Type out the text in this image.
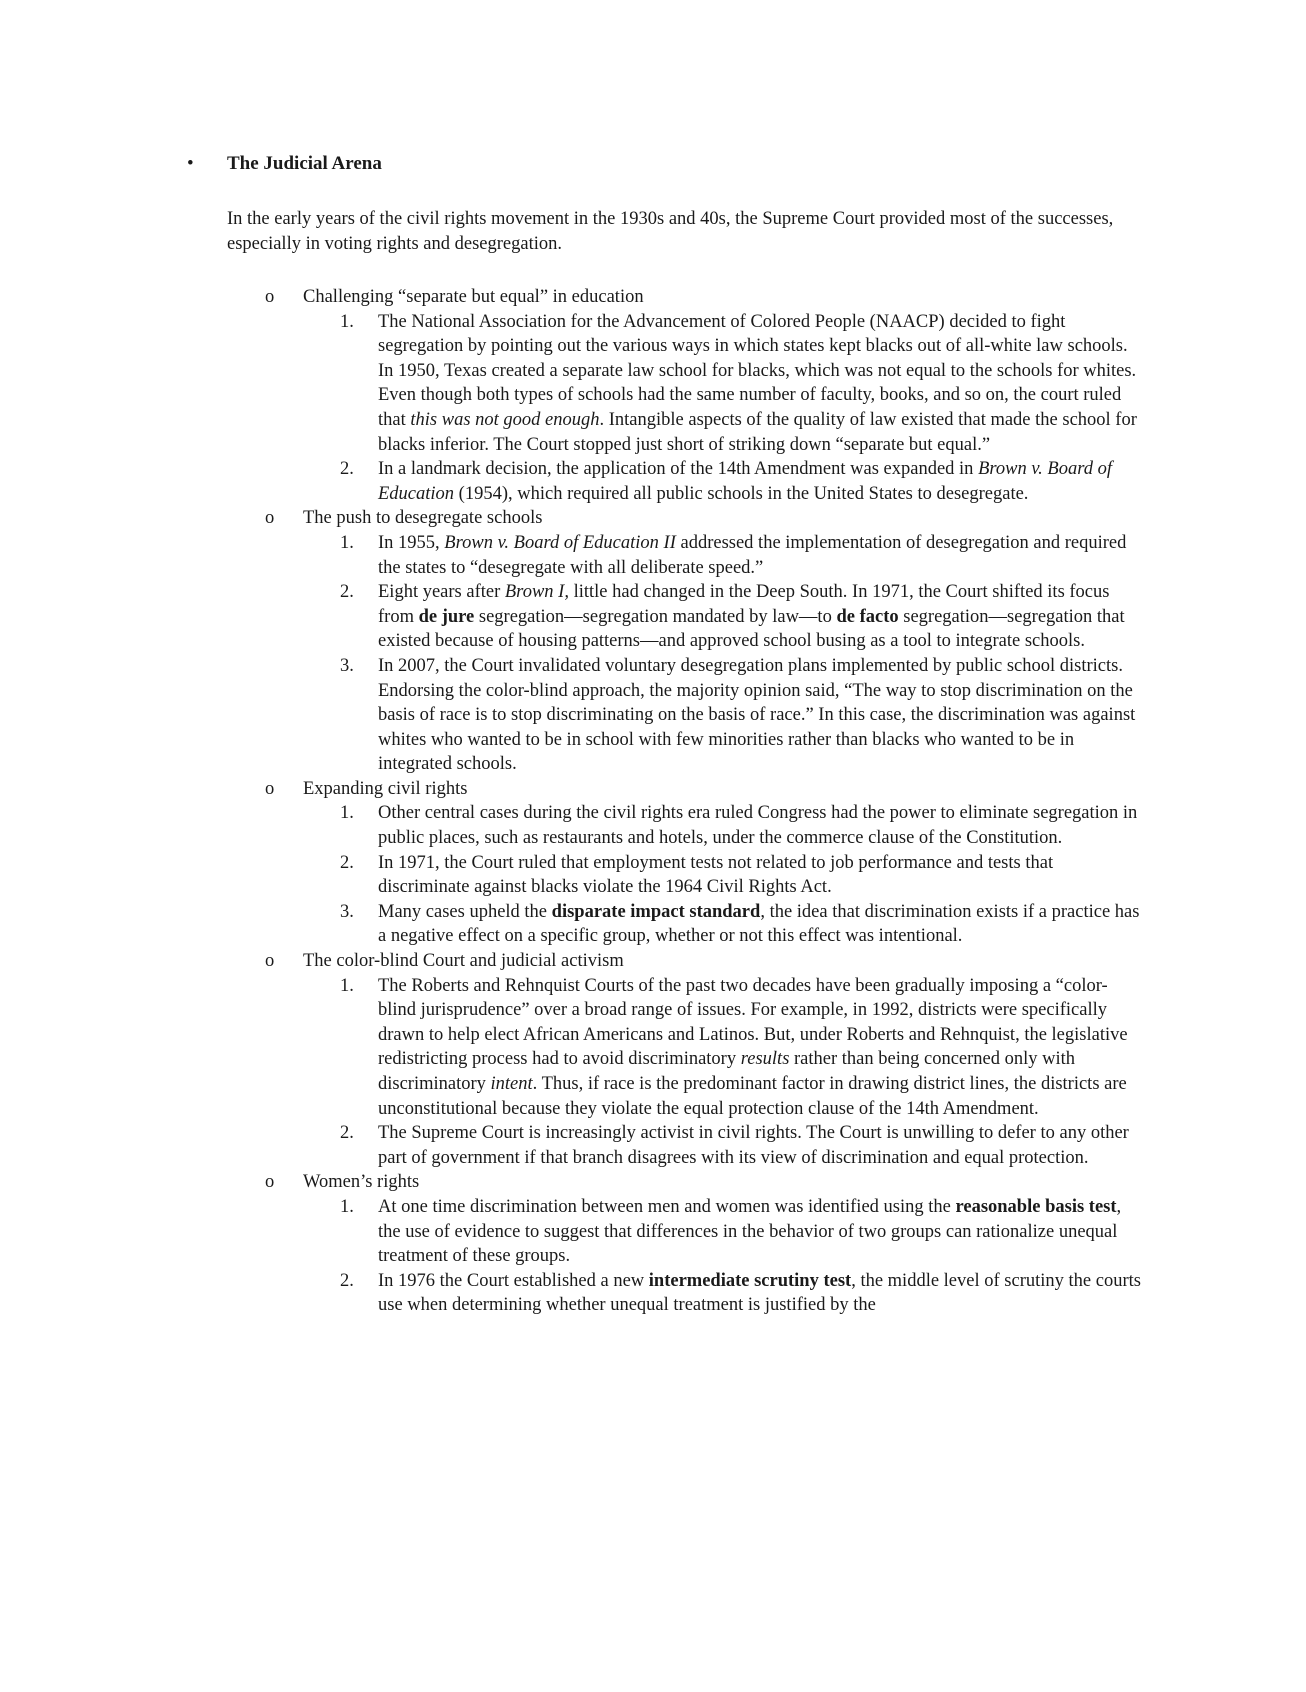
•	The Judicial Arena

In the early years of the civil rights movement in the 1930s and 40s, the Supreme Court provided most of the successes, especially in voting rights and desegregation.

o Challenging “separate but equal” in education
1. The National Association for the Advancement of Colored People (NAACP) decided to fight segregation by pointing out the various ways in which states kept blacks out of all-white law schools. In 1950, Texas created a separate law school for blacks, which was not equal to the schools for whites. Even though both types of schools had the same number of faculty, books, and so on, the court ruled that this was not good enough. Intangible aspects of the quality of law existed that made the school for blacks inferior. The Court stopped just short of striking down “separate but equal.”
2. In a landmark decision, the application of the 14th Amendment was expanded in Brown v. Board of Education (1954), which required all public schools in the United States to desegregate.
o The push to desegregate schools
1. In 1955, Brown v. Board of Education II addressed the implementation of desegregation and required the states to “desegregate with all deliberate speed.”
2. Eight years after Brown I, little had changed in the Deep South. In 1971, the Court shifted its focus from de jure segregation—segregation mandated by law—to de facto segregation—segregation that existed because of housing patterns—and approved school busing as a tool to integrate schools.
3. In 2007, the Court invalidated voluntary desegregation plans implemented by public school districts. Endorsing the color-blind approach, the majority opinion said, “The way to stop discrimination on the basis of race is to stop discriminating on the basis of race.” In this case, the discrimination was against whites who wanted to be in school with few minorities rather than blacks who wanted to be in integrated schools.
o Expanding civil rights
1. Other central cases during the civil rights era ruled Congress had the power to eliminate segregation in public places, such as restaurants and hotels, under the commerce clause of the Constitution.
2. In 1971, the Court ruled that employment tests not related to job performance and tests that discriminate against blacks violate the 1964 Civil Rights Act.
3. Many cases upheld the disparate impact standard, the idea that discrimination exists if a practice has a negative effect on a specific group, whether or not this effect was intentional.
o The color-blind Court and judicial activism
1. The Roberts and Rehnquist Courts of the past two decades have been gradually imposing a “color-blind jurisprudence” over a broad range of issues. For example, in 1992, districts were specifically drawn to help elect African Americans and Latinos. But, under Roberts and Rehnquist, the legislative redistricting process had to avoid discriminatory results rather than being concerned only with discriminatory intent. Thus, if race is the predominant factor in drawing district lines, the districts are unconstitutional because they violate the equal protection clause of the 14th Amendment.
2. The Supreme Court is increasingly activist in civil rights. The Court is unwilling to defer to any other part of government if that branch disagrees with its view of discrimination and equal protection.
o Women’s rights
1. At one time discrimination between men and women was identified using the reasonable basis test, the use of evidence to suggest that differences in the behavior of two groups can rationalize unequal treatment of these groups.
2. In 1976 the Court established a new intermediate scrutiny test, the middle level of scrutiny the courts use when determining whether unequal treatment is justified by the
